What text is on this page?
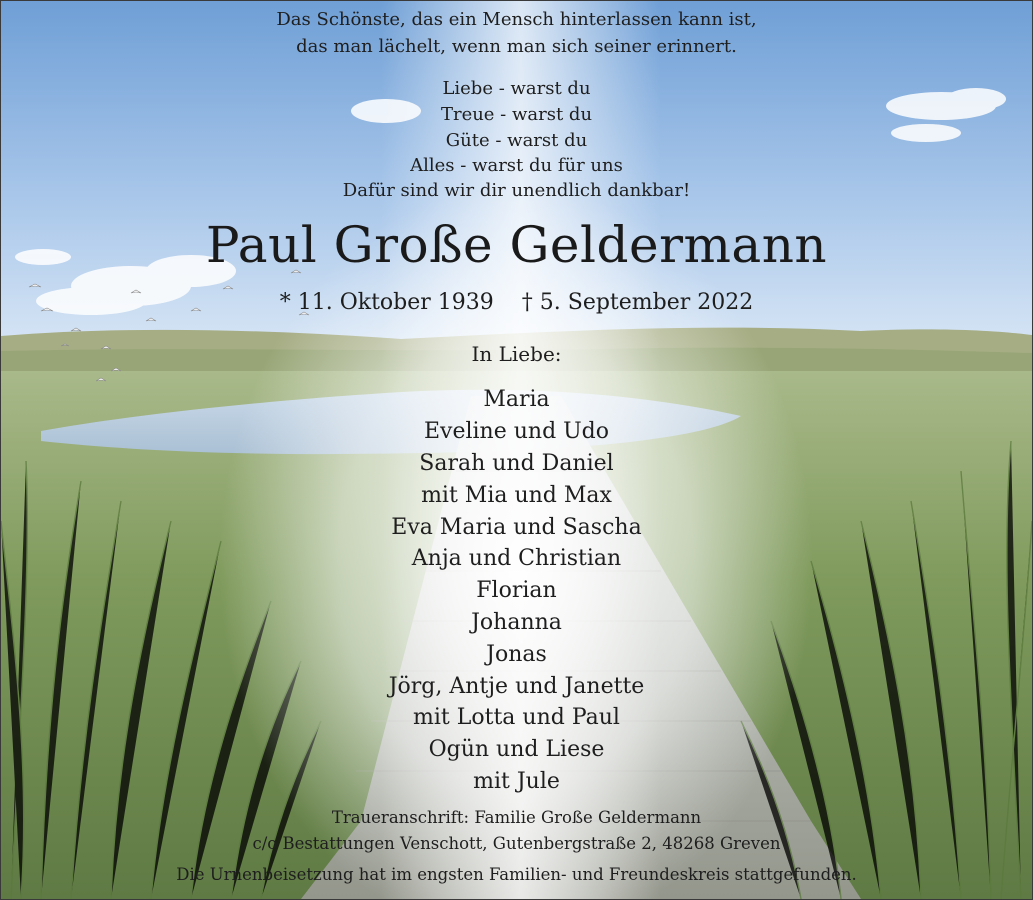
Das Schönste, das ein Mensch hinterlassen kann ist,
das man lächelt, wenn man sich seiner erinnert.
Liebe - warst du
Treue - warst du
Güte - warst du
Alles - warst du für uns
Dafür sind wir dir unendlich dankbar!
Paul Große Geldermann
* 11. Oktober 1939 † 5. September 2022
In Liebe:
Maria
Eveline und Udo
Sarah und Daniel
mit Mia und Max
Eva Maria und Sascha
Anja und Christian
Florian
Johanna
Jonas
Jörg, Antje und Janette
mit Lotta und Paul
Ogün und Liese
mit Jule
Traueranschrift: Familie Große Geldermann
c/o Bestattungen Venschott, Gutenbergstraße 2, 48268 Greven
Die Urnenbeisetzung hat im engsten Familien- und Freundeskreis stattgefunden.
